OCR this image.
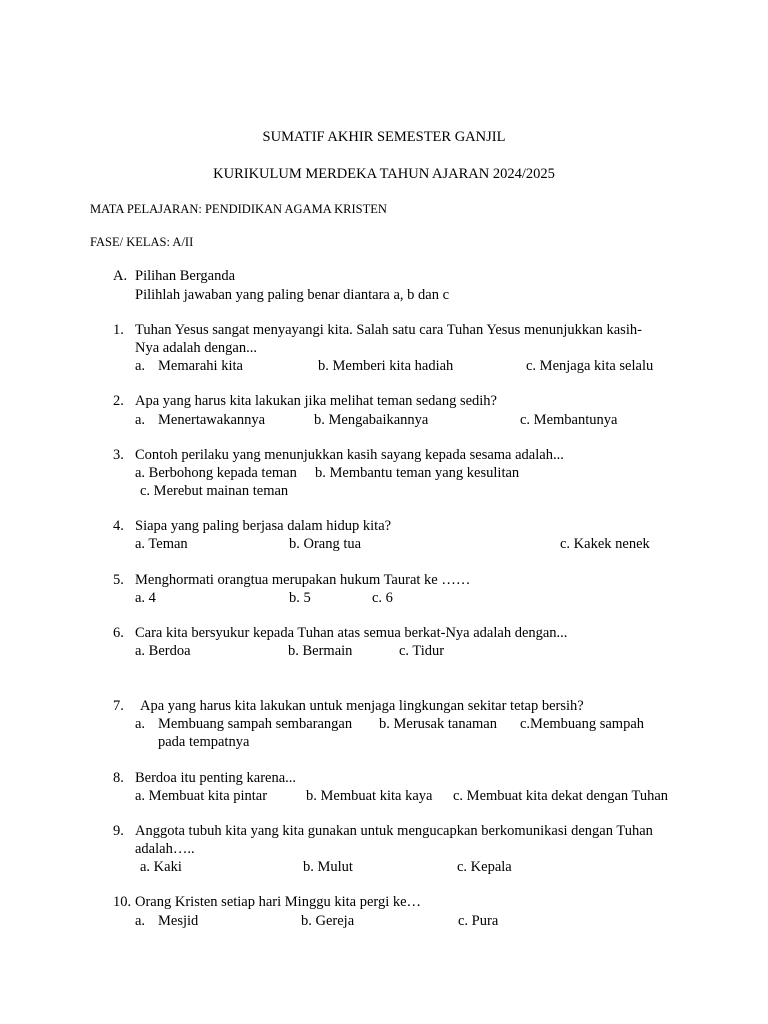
SUMATIF AKHIR SEMESTER GANJIL
KURIKULUM MERDEKA TAHUN AJARAN 2024/2025
MATA PELAJARAN: PENDIDIKAN AGAMA KRISTEN
FASE/ KELAS: A/II
A. Pilihan Berganda
Pilihlah jawaban yang paling benar diantara a, b dan c
1. Tuhan Yesus sangat menyayangi kita. Salah satu cara Tuhan Yesus menunjukkan kasih-
Nya adalah dengan...
a. Memarahi kita	b. Memberi kita hadiah	c. Menjaga kita selalu
2. Apa yang harus kita lakukan jika melihat teman sedang sedih?
a. Menertawakannya	b. Mengabaikannya	c. Membantunya
3. Contoh perilaku yang menunjukkan kasih sayang kepada sesama adalah...
a. Berbohong kepada teman b. Membantu teman yang kesulitan
c. Merebut mainan teman
4. Siapa yang paling berjasa dalam hidup kita?
a. Teman	b. Orang tua	c. Kakek nenek
5. Menghormati orangtua merupakan hukum Taurat ke ……
a. 4	b. 5	c. 6
6. Cara kita bersyukur kepada Tuhan atas semua berkat-Nya adalah dengan...
a. Berdoa	b. Bermain	c. Tidur
7. Apa yang harus kita lakukan untuk menjaga lingkungan sekitar tetap bersih?
a. Membuang sampah sembarangan b. Merusak tanaman c.Membuang sampah
pada tempatnya
8. Berdoa itu penting karena...
a. Membuat kita pintar	b. Membuat kita kaya c. Membuat kita dekat dengan Tuhan
9. Anggota tubuh kita yang kita gunakan untuk mengucapkan berkomunikasi dengan Tuhan
adalah…..
a. Kaki	b. Mulut	c. Kepala
10. Orang Kristen setiap hari Minggu kita pergi ke…
a. Mesjid	b. Gereja	c. Pura
